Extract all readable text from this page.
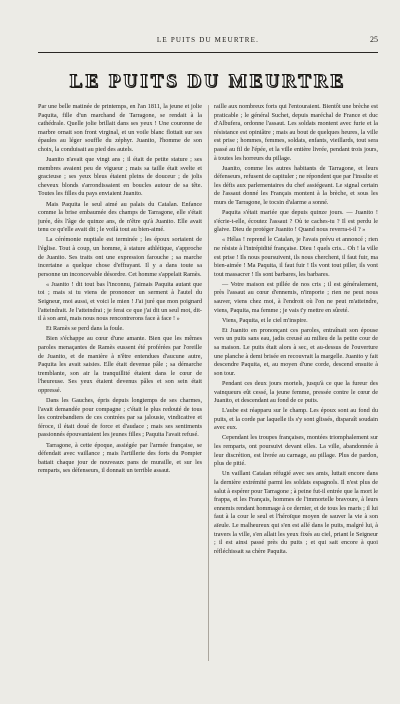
LE PUITS DU MEURTRE.	25
LE PUITS DU MEURTRE

Par une belle matinée de printemps, en l'an 1811, la jeune et jolie Paquita, fille d'un marchand de Tarragone, se rendait à la cathédrale. Quelle jolie brillait dans ses yeux ! Une couronne de marbre ornait son front virginal, et un voile blanc flottait sur ses épaules au léger souffle du zéphyr. Juanito, l'homme de son choix, la conduisait au pied des autels.

Juanito n'avait que vingt ans ; il était de petite stature ; ses membres avaient peu de vigueur ; mais sa taille était svelte et gracieuse ; ses yeux bleus étaient pleins de douceur ; de jolis cheveux blonds s'arrondissaient en boucles autour de sa tête. Toutes les filles du pays enviaient Juanito.

Mais Paquita le seul aimé au palais du Catalan. Enfance comme la brise embaumée des champs de Tarragone, elle s'était jurée, dès l'âge de quinze ans, de n'être qu'à Juanito. Elle avait tenu ce qu'elle avait dit ; le voilà tout au bien-aimé.

La cérémonie nuptiale est terminée ; les époux sortaient de l'église. Tout à coup, un homme, à stature athlétique, s'approche de Juanito. Ses traits ont une expression farouche ; sa marche incertaine a quelque chose d'effrayant. Il y a dans toute sa personne un inconcevable désordre. Cet homme s'appelait Ramès.

« Juanito ! dit tout bas l'inconnu, j'aimais Paquita autant que toi ; mais si tu viens de prononcer un serment à l'autel du Seigneur, moi aussi, et voici le mien ! J'ai juré que mon poignard l'atteindrait. Je l'atteindrai ; je ferai ce que j'ai dit un seul mot, dit-il à son ami, mais nous nous rencontrerons face à face ! »

Et Ramès se perd dans la foule.

Bien s'échappe au cœur d'une amante. Bien que les mêmes paroles menaçantes de Ramès eussent été proférées par l'oreille de Juanito, et de manière à n'être entendues d'aucune autre, Paquita les avait saisies. Elle était devenue pâle ; sa démarche tremblante, son air la tranquillité étaient dans le cœur de l'heureuse. Ses yeux étaient devenus pâles et son sein était oppressé.

Dans les Gauches, épris depuis longtemps de ses charmes, l'avait demandée pour compagne ; c'était le plus redouté de tous les contrebandiers de ces contrées par sa jalousie, vindicative et féroce, il était doué de force et d'audace ; mais ses sentiments passionnés épouvantaient les jeunes filles ; Paquita l'avait refusé.

Tarragone, à cette époque, assiégée par l'armée française, se défendait avec vaillance ; mais l'artillerie des forts du Pompier battait chaque jour de nouveaux pans de muraille, et sur les remparts, ses défenseurs, il donnait un terrible assaut.

raille aux nombreux forts qui l'entouraient. Bientôt une brèche est praticable ; le général Suchet, depuis maréchal de France et duc d'Albufera, ordonne l'assaut. Les soldats montent avec furie et la résistance est opiniâtre ; mais au bout de quelques heures, la ville est prise ; hommes, femmes, soldats, enfants, vieillards, tout sera passé au fil de l'épée, et la ville entière livrée, pendant trois jours, à toutes les horreurs du pillage.

Juanito, comme les autres habitants de Tarragone, et leurs défenseurs, refusent de capituler ; ne répondent que par l'insulte et les défis aux parlementaires du chef assiégeant. Le signal certain de l'assaut donné les Français montent à la brèche, et sous les murs de Tarragone, le tocsin d'alarme a sonné.

Paquita s'était mariée que depuis quinze jours. — Juanito ! s'écrie-t-elle, écoutez l'assaut ? Où te caches-tu ? Il est perdu le glaive. Dieu de protéger Juanito ! Quand nous reverra-t-il ? »

« Hélas ! reprend le Catalan, je l'avais prévu et annoncé ; rien ne résiste à l'intrépidité française. Dieu ! quels cris... Oh ! la ville est prise ! Ils nous poursuivent, ils nous cherchent, il faut fuir, ma bien-aimée ! Ma Paquita, il faut fuir ! Ils vont tout piller, ils vont tout massacrer ! Ils sont barbares, les barbares.

— Votre maison est pillée de nos cris ; il est généralement, près l'assaut au cœur d'ennemis, n'importe ; rien ne peut nous sauver, viens chez moi, à l'endroit où l'on ne peut m'atteindre, viens, Paquita, ma femme ; je vais t'y mettre en sûreté.

Viens, Paquita, et le ciel m'inspire.

Et Juanito en prononçant ces paroles, entraînait son épouse vers un puits sans eau, jadis creusé au milieu de la petite cour de sa maison. Le puits était alors à sec, et au-dessus de l'ouverture une planche à demi brisée en recouvrait la margelle. Juanito y fait descendre Paquita, et, au moyen d'une corde, descend ensuite à son tour.

Pendant ces deux jours mortels, jusqu'à ce que la fureur des vainqueurs eût cessé, la jeune femme, pressée contre le cœur de Juanito, et descendant au fond de ce puits.

L'aube est réapparu sur le champ. Les époux sont au fond du puits, et la corde par laquelle ils s'y sont glissés, disparaît soudain avec eux.

Cependant les troupes françaises, montées triomphalement sur les remparts, ont poursuivi devant elles. La ville, abandonnée à leur discrétion, est livrée au carnage, au pillage. Plus de pardon, plus de pitié.

Un vaillant Catalan réfugié avec ses amis, luttait encore dans la dernière extrémité parmi les soldats espagnols. Il n'est plus de salut à espérer pour Tarragone ; à peine fut-il entrée que la mort le frappa, et les Français, hommes de l'immortelle bravoure, à leurs ennemis rendant hommage à ce dernier, et de tous les maris ; il lui faut à la cour le seul et l'héroïque moyen de sauver la vie à son aïeule. Le malheureux qui s'en est allé dans le puits, malgré lui, à travers la ville, s'en allait les yeux fixés au ciel, priant le Seigneur ; il est ainsi passé près du puits ; et qui sait encore à quoi réfléchissait sa chère Paquita.
